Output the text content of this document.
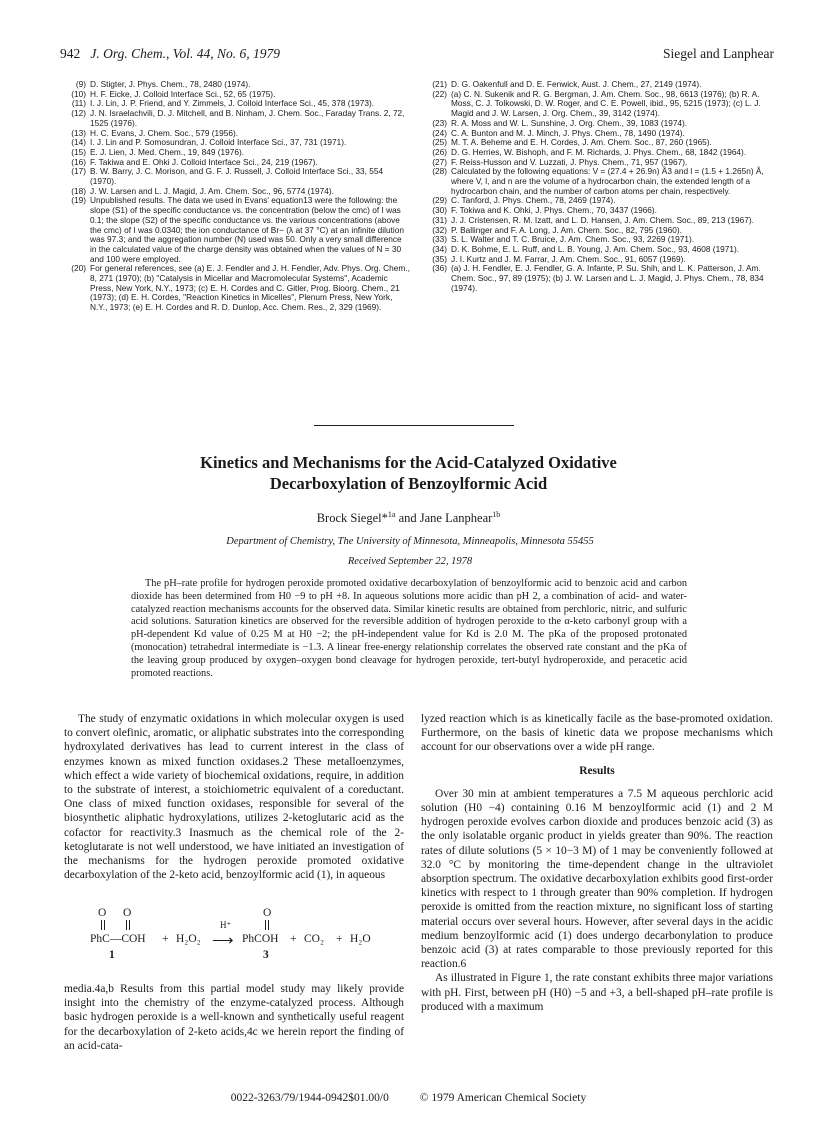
942 J. Org. Chem., Vol. 44, No. 6, 1979	Siegel and Lanphear
(9) D. Stigter, J. Phys. Chem., 78, 2480 (1974).
(10) H. F. Eicke, J. Colloid Interface Sci., 52, 65 (1975).
(11) I. J. Lin, J. P. Friend, and Y. Zimmels, J. Colloid Interface Sci., 45, 378 (1973).
(12) J. N. Israelachvili, D. J. Mitchell, and B. Ninham, J. Chem. Soc., Faraday Trans. 2, 72, 1525 (1976).
(13) H. C. Evans, J. Chem. Soc., 579 (1956).
(14) I. J. Lin and P. Somosundran, J. Colloid Interface Sci., 37, 731 (1971).
(15) E. J. Lien, J. Med. Chem., 19, 849 (1976).
(16) F. Takiwa and E. Ohki J. Colloid Interface Sci., 24, 219 (1967).
(17) B. W. Barry, J. C. Morison, and G. F. J. Russell, J. Colloid Interface Sci., 33, 554 (1970).
(18) J. W. Larsen and L. J. Magid, J. Am. Chem. Soc., 96, 5774 (1974).
(19) Unpublished results. The data we used in Evans' equation13 were the following: the slope (S1) of the specific conductance vs. the concentration (below the cmc) of I was 0.1; the slope (S2) of the specific conductance vs. the various concentrations (above the cmc) of I was 0.0340; the ion conductance of Br− (λ at 37 °C) at an infinite dilution was 97.3; and the aggregation number (N) used was 50. Only a very small difference in the calculated value of the charge density was obtained when the values of N = 30 and 100 were employed.
(20) For general references, see (a) E. J. Fendler and J. H. Fendler, Adv. Phys. Org. Chem., 8, 271 (1970); (b) "Catalysis in Micellar and Macromolecular Systems", Academic Press, New York, N.Y., 1973; (c) E. H. Cordes and C. Gitler, Prog. Bioorg. Chem., 21 (1973); (d) E. H. Cordes, "Reaction Kinetics in Micelles", Plenum Press, New York, N.Y., 1973; (e) E. H. Cordes and R. D. Dunlop, Acc. Chem. Res., 2, 329 (1969).
(21) D. G. Oakenfull and D. E. Fenwick, Aust. J. Chem., 27, 2149 (1974).
(22) (a) C. N. Sukenik and R. G. Bergman, J. Am. Chem. Soc., 98, 6613 (1976); (b) R. A. Moss, C. J. Tolkowski, D. W. Roger, and C. E. Powell, ibid., 95, 5215 (1973); (c) L. J. Magid and J. W. Larsen, J. Org. Chem., 39, 3142 (1974).
(23) R. A. Moss and W. L. Sunshine, J. Org. Chem., 39, 1083 (1974).
(24) C. A. Bunton and M. J. Minch, J. Phys. Chem., 78, 1490 (1974).
(25) M. T. A. Beheme and E. H. Cordes, J. Am. Chem. Soc., 87, 260 (1965).
(26) D. G. Herries, W. Bishoph, and F. M. Richards, J. Phys. Chem., 68, 1842 (1964).
(27) F. Reiss-Husson and V. Luzzati, J. Phys. Chem., 71, 957 (1967).
(28) Calculated by the following equations: V = (27.4 + 26.9n) Å3 and l = (1.5 + 1.265n) Å, where V, l, and n are the volume of a hydrocarbon chain, the extended length of a hydrocarbon chain, and the number of carbon atoms per chain, respectively.
(29) C. Tanford, J. Phys. Chem., 78, 2469 (1974).
(30) F. Tokiwa and K. Ohki, J. Phys. Chem., 70, 3437 (1966).
(31) J. J. Cristensen, R. M. Izatt, and L. D. Hansen, J. Am. Chem. Soc., 89, 213 (1967).
(32) P. Ballinger and F. A. Long, J. Am. Chem. Soc., 82, 795 (1960).
(33) S. L. Walter and T. C. Bruice, J. Am. Chem. Soc., 93, 2269 (1971).
(34) D. K. Bohme, E. L. Ruff, and L. B. Young, J. Am. Chem. Soc., 93, 4608 (1971).
(35) J. I. Kurtz and J. M. Farrar, J. Am. Chem. Soc., 91, 6057 (1969).
(36) (a) J. H. Fendler, E. J. Fendler, G. A. Infante, P. Su. Shih, and L. K. Patterson, J. Am. Chem. Soc., 97, 89 (1975); (b) J. W. Larsen and L. J. Magid, J. Phys. Chem., 78, 834 (1974).
Kinetics and Mechanisms for the Acid-Catalyzed Oxidative
Decarboxylation of Benzoylformic Acid
Brock Siegel*$^{1a}$ and Jane Lanphear$^{1b}$
Department of Chemistry, The University of Minnesota, Minneapolis, Minnesota 55455
Received September 22, 1978
The pH–rate profile for hydrogen peroxide promoted oxidative decarboxylation of benzoylformic acid to benzoic acid and carbon dioxide has been determined from H0 −9 to pH +8. In aqueous solutions more acidic than pH 2, a combination of acid- and water-catalyzed reaction mechanisms accounts for the observed data. Similar kinetic results are obtained from perchloric, nitric, and sulfuric acid solutions. Saturation kinetics are observed for the reversible addition of hydrogen peroxide to the α-keto carbonyl group with a pH-dependent Kd value of 0.25 M at H0 −2; the pH-independent value for Kd is 2.0 M. The pKa of the proposed protonated (monocation) tetrahedral intermediate is −1.3. A linear free-energy relationship correlates the observed rate constant and the pKa of the leaving group produced by oxygen–oxygen bond cleavage for hydrogen peroxide, tert-butyl hydroperoxide, and peracetic acid promoted reactions.

The study of enzymatic oxidations in which molecular oxygen is used to convert olefinic, aromatic, or aliphatic substrates into the corresponding hydroxylated derivatives has lead to current interest in the class of enzymes known as mixed function oxidases.2 These metalloenzymes, which effect a wide variety of biochemical oxidations, require, in addition to the substrate of interest, a stoichiometric equivalent of a coreductant. One class of mixed function oxidases, responsible for several of the biosynthetic aliphatic hydroxylations, utilizes 2-ketoglutaric acid as the cofactor for reactivity.3 Inasmuch as the chemical role of the 2-ketoglutarate is not well understood, we have initiated an investigation of the mechanisms for the hydrogen peroxide promoted oxidative decarboxylation of the 2-keto acid, benzoylformic acid (1), in aqueous

O O
PhC—COH + H₂O₂
H⁺
⟶
O
PhCOH + CO₂ + H₂O
1	3

media.4a,b Results from this partial model study may likely provide insight into the chemistry of the enzyme-catalyzed process. Although basic hydrogen peroxide is a well-known and synthetically useful reagent for the decarboxylation of 2-keto acids,4c we herein report the finding of an acid-cata-

lyzed reaction which is as kinetically facile as the base-promoted oxidation. Furthermore, on the basis of kinetic data we propose mechanisms which account for our observations over a wide pH range.

Results

Over 30 min at ambient temperatures a 7.5 M aqueous perchloric acid solution (H0 −4) containing 0.16 M benzoylformic acid (1) and 2 M hydrogen peroxide evolves carbon dioxide and produces benzoic acid (3) as the only isolatable organic product in yields greater than 90%. The reaction rates of dilute solutions (5 × 10−3 M) of 1 may be conveniently followed at 32.0 °C by monitoring the time-dependent change in the ultraviolet absorption spectrum. The oxidative decarboxylation exhibits good first-order kinetics with respect to 1 through greater than 90% completion. If hydrogen peroxide is omitted from the reaction mixture, no significant loss of starting material occurs over several hours. However, after several days in the acidic medium benzoylformic acid (1) does undergo decarbonylation to produce benzoic acid (3) at rates comparable to those previously reported for this reaction.6

As illustrated in Figure 1, the rate constant exhibits three major variations with pH. First, between pH (H0) −5 and +3, a bell-shaped pH–rate profile is produced with a maximum

0022-3263/79/1944-0942$01.00/0	© 1979 American Chemical Society
